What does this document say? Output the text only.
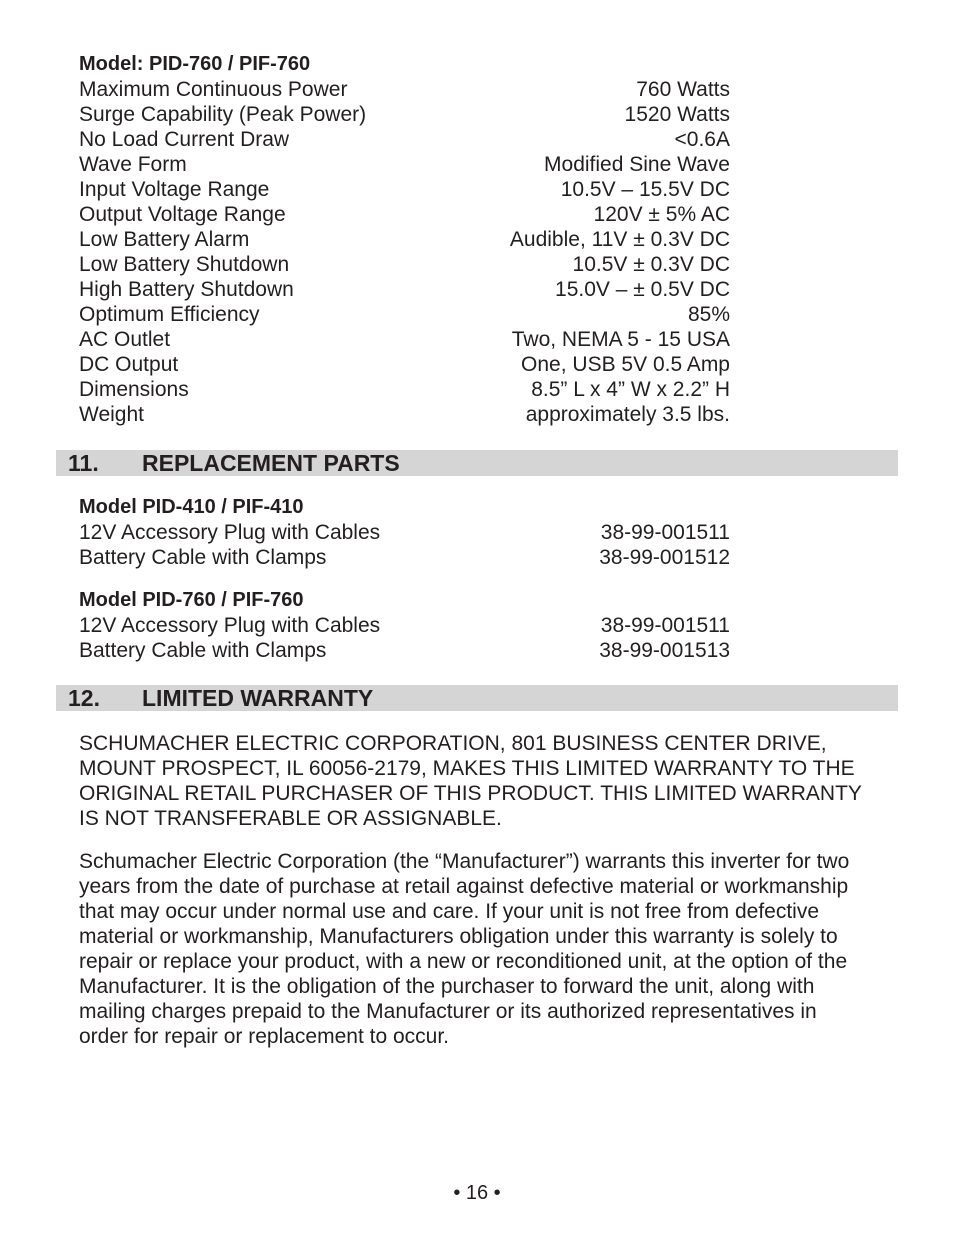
Model: PID-760 / PIF-760
Maximum Continuous Power	760 Watts
Surge Capability (Peak Power)	1520 Watts
No Load Current Draw	<0.6A
Wave Form	Modified Sine Wave
Input Voltage Range	10.5V – 15.5V DC
Output Voltage Range	120V ± 5% AC
Low Battery Alarm	Audible, 11V ± 0.3V DC
Low Battery Shutdown	10.5V ± 0.3V DC
High Battery Shutdown	15.0V – ± 0.5V DC
Optimum Efficiency	85%
AC Outlet	Two, NEMA 5 - 15 USA
DC Output	One, USB 5V 0.5 Amp
Dimensions	8.5” L x 4” W x 2.2” H
Weight	approximately 3.5 lbs.
11. REPLACEMENT PARTS
Model PID-410 / PIF-410
12V Accessory Plug with Cables	38-99-001511
Battery Cable with Clamps	38-99-001512
Model PID-760 / PIF-760
12V Accessory Plug with Cables	38-99-001511
Battery Cable with Clamps	38-99-001513
12. LIMITED WARRANTY
SCHUMACHER ELECTRIC CORPORATION, 801 BUSINESS CENTER DRIVE,
MOUNT PROSPECT, IL 60056-2179, MAKES THIS LIMITED WARRANTY TO THE
ORIGINAL RETAIL PURCHASER OF THIS PRODUCT. THIS LIMITED WARRANTY
IS NOT TRANSFERABLE OR ASSIGNABLE.
Schumacher Electric Corporation (the “Manufacturer”) warrants this inverter for two
years from the date of purchase at retail against defective material or workmanship
that may occur under normal use and care. If your unit is not free from defective
material or workmanship, Manufacturers obligation under this warranty is solely to
repair or replace your product, with a new or reconditioned unit, at the option of the
Manufacturer. It is the obligation of the purchaser to forward the unit, along with
mailing charges prepaid to the Manufacturer or its authorized representatives in
order for repair or replacement to occur.
• 16 •
